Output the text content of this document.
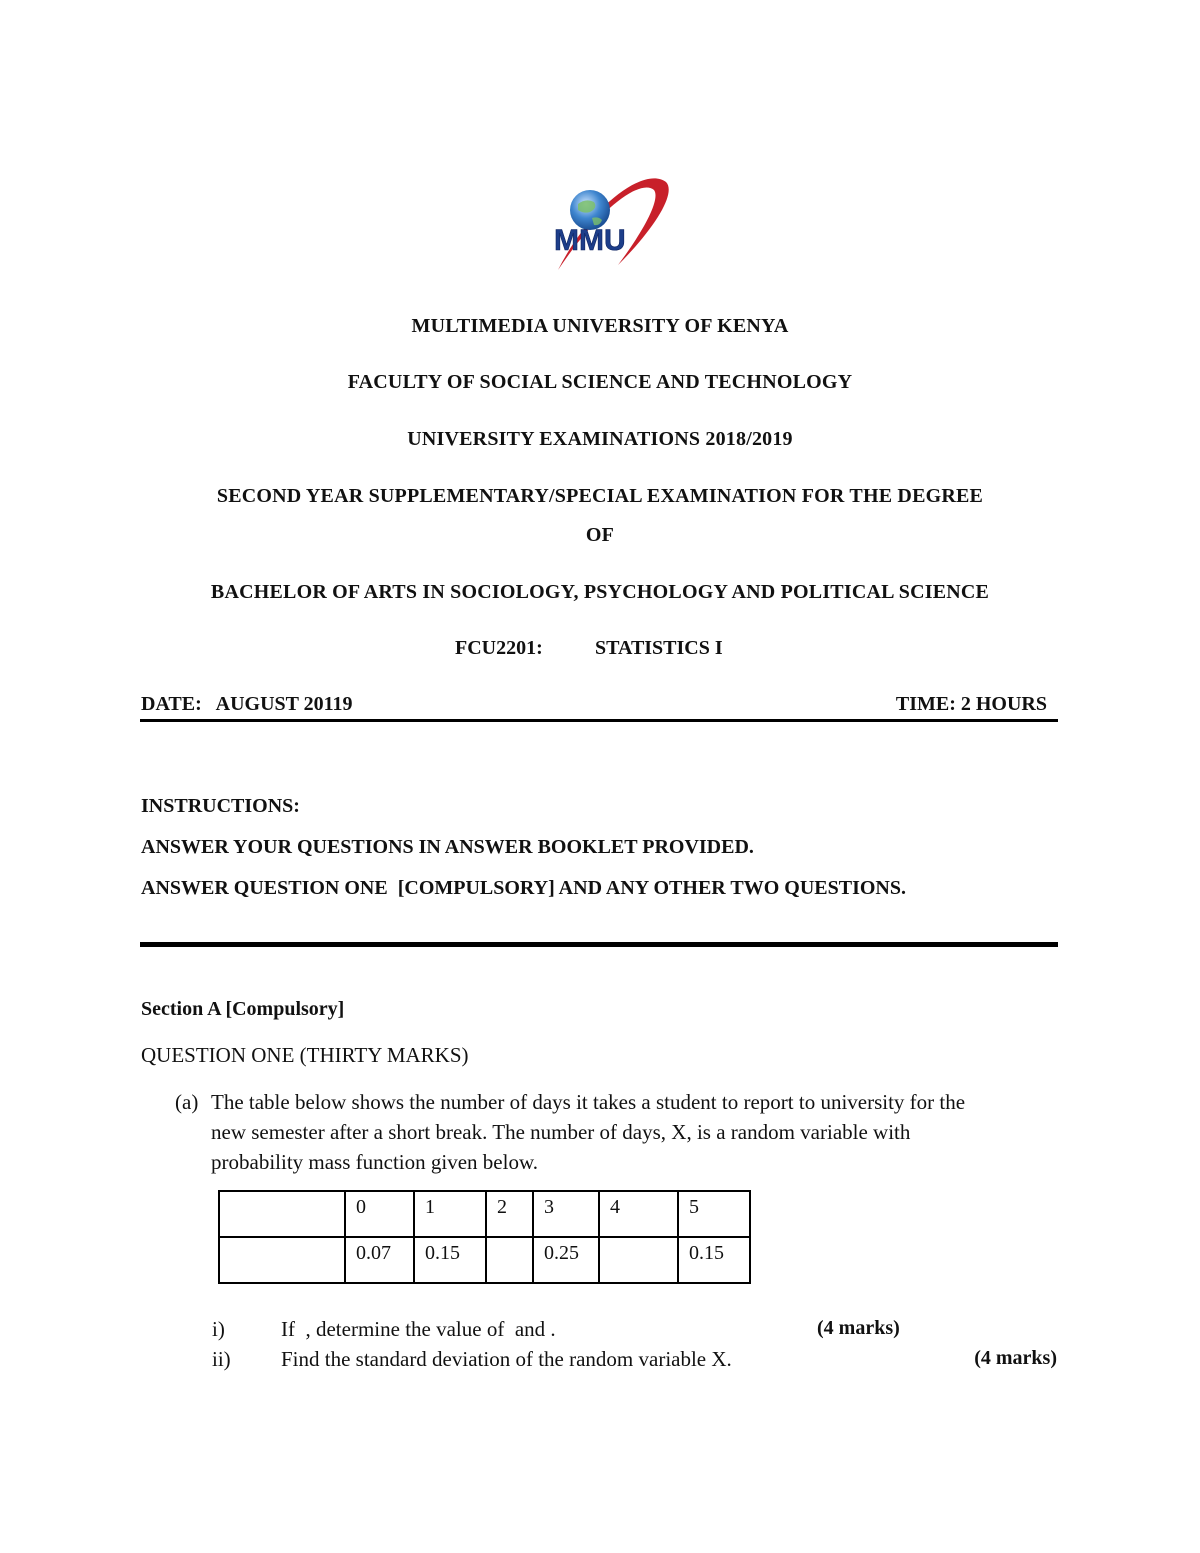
MMU
MULTIMEDIA UNIVERSITY OF KENYA
FACULTY OF SOCIAL SCIENCE AND TECHNOLOGY
UNIVERSITY EXAMINATIONS 2018/2019
SECOND YEAR SUPPLEMENTARY/SPECIAL EXAMINATION FOR THE DEGREE
OF
BACHELOR OF ARTS IN SOCIOLOGY, PSYCHOLOGY AND POLITICAL SCIENCE
FCU2201:	STATISTICS I
DATE:   AUGUST 20119	TIME: 2 HOURS
INSTRUCTIONS:
ANSWER YOUR QUESTIONS IN ANSWER BOOKLET PROVIDED.
ANSWER QUESTION ONE  [COMPULSORY] AND ANY OTHER TWO QUESTIONS.
Section A [Compulsory]
QUESTION ONE (THIRTY MARKS)
(a) The table below shows the number of days it takes a student to report to university for the
new semester after a short break. The number of days, X, is a random variable with
probability mass function given below.
	0	1	2	3	4	5
	0.07	0.15		0.25		0.15
i)	If  , determine the value of  and .	(4 marks)
ii) Find the standard deviation of the random variable X.	(4 marks)
